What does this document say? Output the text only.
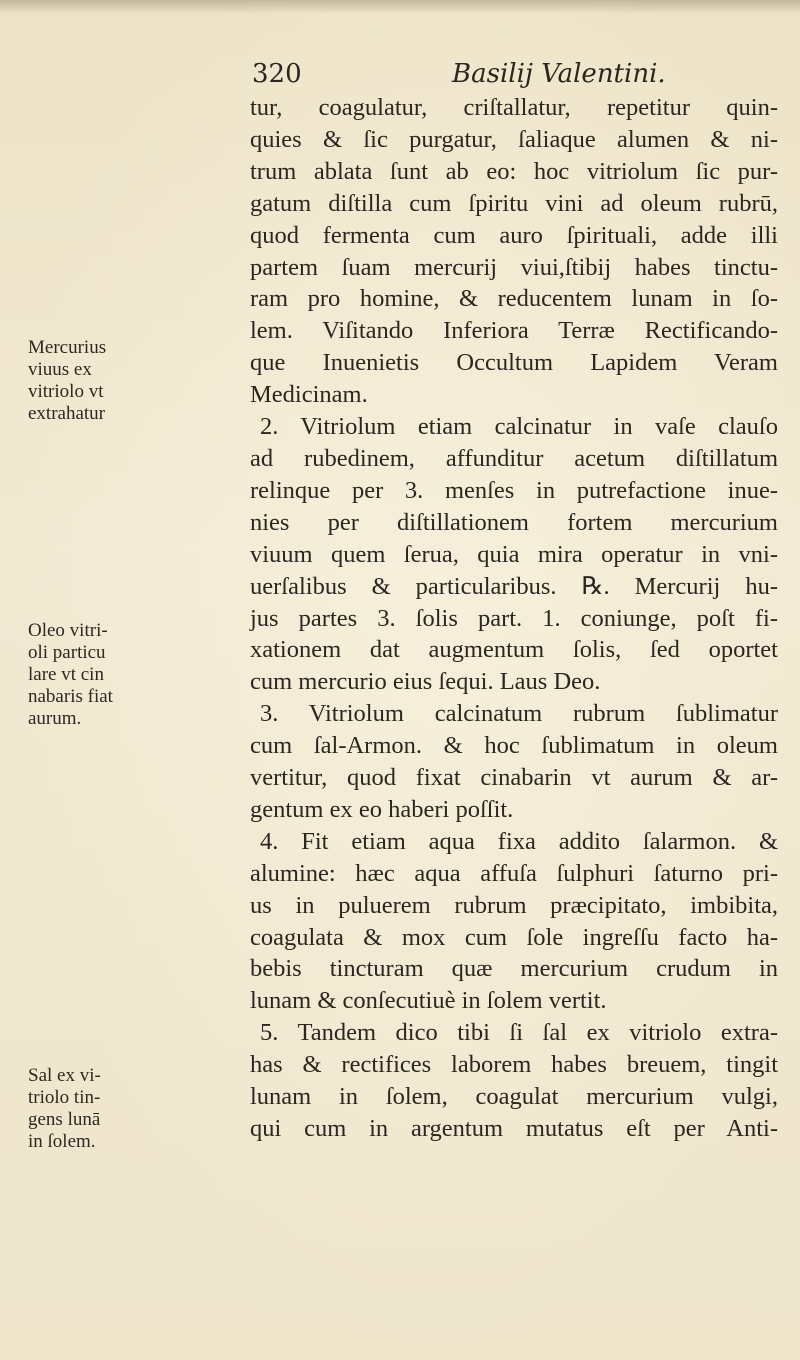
320	Basilij Valentini.
tur, coagulatur, criſtallatur, repetitur quin-
quies & ſic purgatur, ſaliaque alumen & ni-
trum ablata ſunt ab eo: hoc vitriolum ſic pur-
gatum diſtilla cum ſpiritu vini ad oleum rubrū,
quod fermenta cum auro ſpirituali, adde illi
partem ſuam mercurij viui,ſtibij habes tinctu-
ram pro homine, & reducentem lunam in ſo-
lem. Viſitando Inferiora Terræ Rectificando-
que Inuenietis Occultum Lapidem Veram
Medicinam.
2. Vitriolum etiam calcinatur in vaſe clauſo
ad rubedinem, affunditur acetum diſtillatum
relinque per 3. menſes in putrefactione inue-
nies per diſtillationem fortem mercurium
viuum quem ſerua, quia mira operatur in vni-
uerſalibus & particularibus. ℞. Mercurij hu-
jus partes 3. ſolis part. 1. coniunge, poſt fi-
xationem dat augmentum ſolis, ſed oportet
cum mercurio eius ſequi. Laus Deo.
3. Vitriolum calcinatum rubrum ſublimatur
cum ſal-Armon. & hoc ſublimatum in oleum
vertitur, quod fixat cinabarin vt aurum & ar-
gentum ex eo haberi poſſit.
4. Fit etiam aqua fixa addito ſalarmon. &
alumine: hæc aqua affuſa ſulphuri ſaturno pri-
us in puluerem rubrum præcipitato, imbibita,
coagulata & mox cum ſole ingreſſu facto ha-
bebis tincturam quæ mercurium crudum in
lunam & conſecutiuè in ſolem vertit.
5. Tandem dico tibi ſi ſal ex vitriolo extra-
has & rectifices laborem habes breuem, tingit
lunam in ſolem, coagulat mercurium vulgi,
qui cum in argentum mutatus eſt per Anti-
Mercurius
viuus ex
vitriolo vt
extrahatur
Oleo vitri-
oli particu
lare vt cin
nabaris fiat
aurum.
Sal ex vi-
triolo tin-
gens lunā
in ſolem.
